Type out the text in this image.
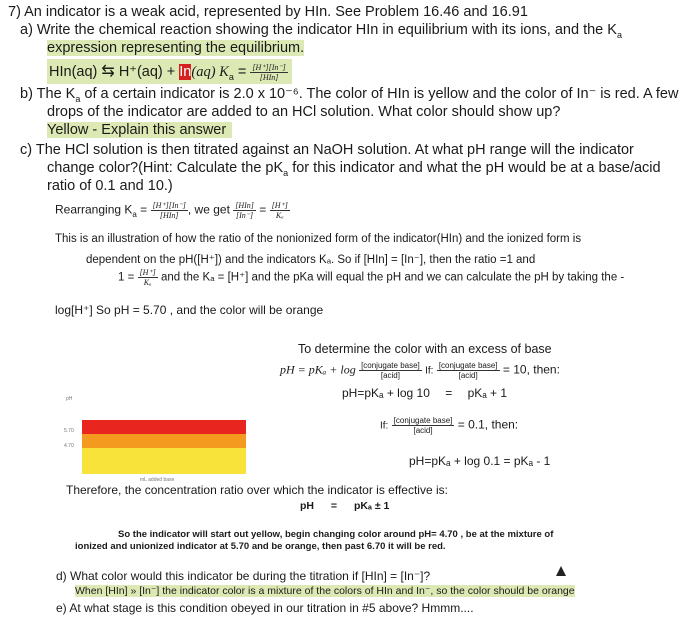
7) An indicator is a weak acid, represented by HIn. See Problem 16.46 and 16.91
a) Write the chemical reaction showing the indicator HIn in equilibrium with its ions, and the $K_a$
expression representing the equilibrium.
HIn(aq) ⇆ H⁺(aq) + In(aq) $K_a = \frac{[H^+][In^-]}{\text{[HIn]}}$
b) The $K_a$ of a certain indicator is 2.0 x 10⁻⁶. The color of HIn is yellow and the color of In⁻ is red. A few
drops of the indicator are added to an HCl solution. What color should show up?
Yellow - Explain this answer
c) The HCl solution is then titrated against an NaOH solution. At what pH range will the indicator
change color?(Hint: Calculate the $pK_a$ for this indicator and what the pH would be at a base/acid
ratio of 0.1 and 10.)
Rearranging $K_a = \frac{[H^+][In^-]}{\text{[HIn]}}$ , we get $\frac{\text{[HIn]}}{[In^-]} = \frac{[H^+]}{\text{Kₐ}}$
This is an illustration of how the ratio of the nonionized form of the indicator(HIn) and the ionized form is
dependent on the pH([H⁺]) and the indicators Kₐ. So if [HIn] = [In⁻], then the ratio =1 and
$1 = \frac{[H^+]}{\text{Kₐ}}$ and the Kₐ = [H⁺] and the pKa will equal the pH and we can calculate the pH by taking the -
log[H⁺] So pH = 5.70 , and the color will be orange
pH
5.70
4.70
mL added base
To determine the color with an excess of base
pH = $pK_a + \log \frac{\text{[conjugate base]}}{\text{[acid]}} If$: $\frac{\text{[conjugate base]}}{\text{[acid]}} = 10$, then:
pH=pKₐ + log 10 = pKₐ + 1
If: $\frac{\text{[conjugate base]}}{\text{[acid]}} = 0.1$, then:
pH=pKₐ + log 0.1 = pKₐ - 1
Therefore, the concentration ratio over which the indicator is effective is:
pH = pKₐ ± 1
So the indicator will start out yellow, begin changing color around pH= 4.70 , be at the mixture of
ionized and unionized indicator at 5.70 and be orange, then past 6.70 it will be red.
d) What color would this indicator be during the titration if [HIn] = [In⁻]?
When [HIn] » [In⁻] the indicator color is a mixture of the colors of HIn and In⁻, so the color should be orange
e) At what stage is this condition obeyed in our titration in #5 above? Hmmm....
